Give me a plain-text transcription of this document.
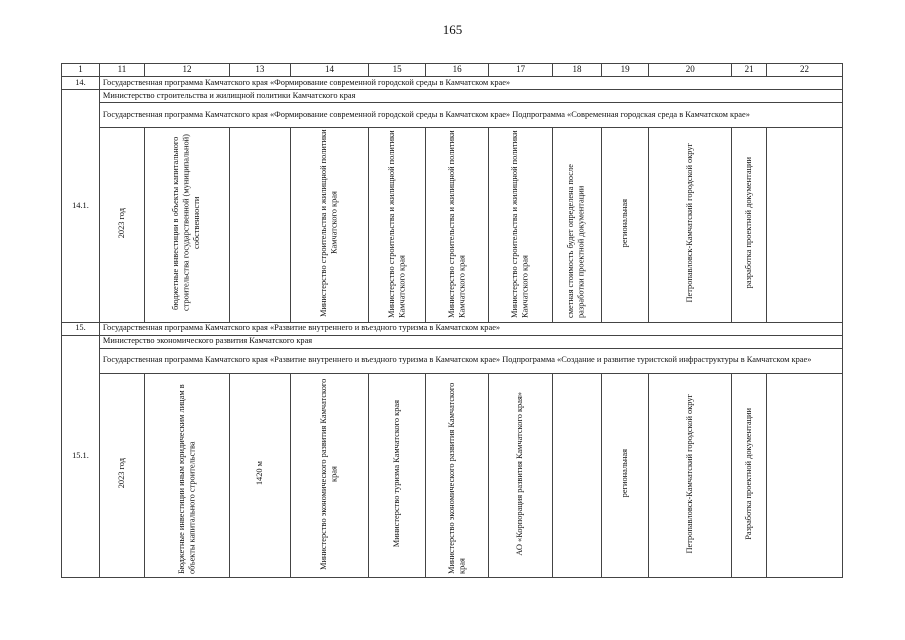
165
1	11	12	13	14	15	16	17	18	19	20	21	22
14.	Государственная программа Камчатского края «Формирование современной городской среды в Камчатском крае»											
14.1.	Министерство строительства и жилищной политики Камчатского края											
	Государственная программа Камчатского края «Формирование современной городской среды в Камчатском крае» Подпрограмма «Современная городская среда в Камчатском крае»											
	2023 год	бюджетные инвестиции в объекты капитального строительства государственной (муниципальной) собственности		Министерство строительства и жилищной политики Камчатского края	Министерство строительства и жилищной политики Камчатского края	Министерство строительства и жилищной политики Камчатского края	Министерство строительства и жилищной политики Камчатского края	сметная стоимость будет определена после разработки проектной документации	региональная	Петропавловск-Камчатский городской округ	разработка проектной документации	
15.	Государственная программа Камчатского края «Развитие внутреннего и въездного туризма в Камчатском крае»											
15.1.	Министерство экономического развития Камчатского края											
	Государственная программа Камчатского края «Развитие внутреннего и въездного туризма в Камчатском крае» Подпрограмма «Создание и развитие туристской инфраструктуры в Камчатском крае»											
	2023 год	Бюджетные инвестиции иным юридическим лицам в объекты капитального строительства	1420 м	Министерство экономического развития Камчатского края	Министерство туризма Камчатского края	Министерство экономического развития Камчатского края	АО «Корпорация развития Камчатского края»		региональная	Петропавловск-Камчатский городской округ	Разработка проектной документации	
